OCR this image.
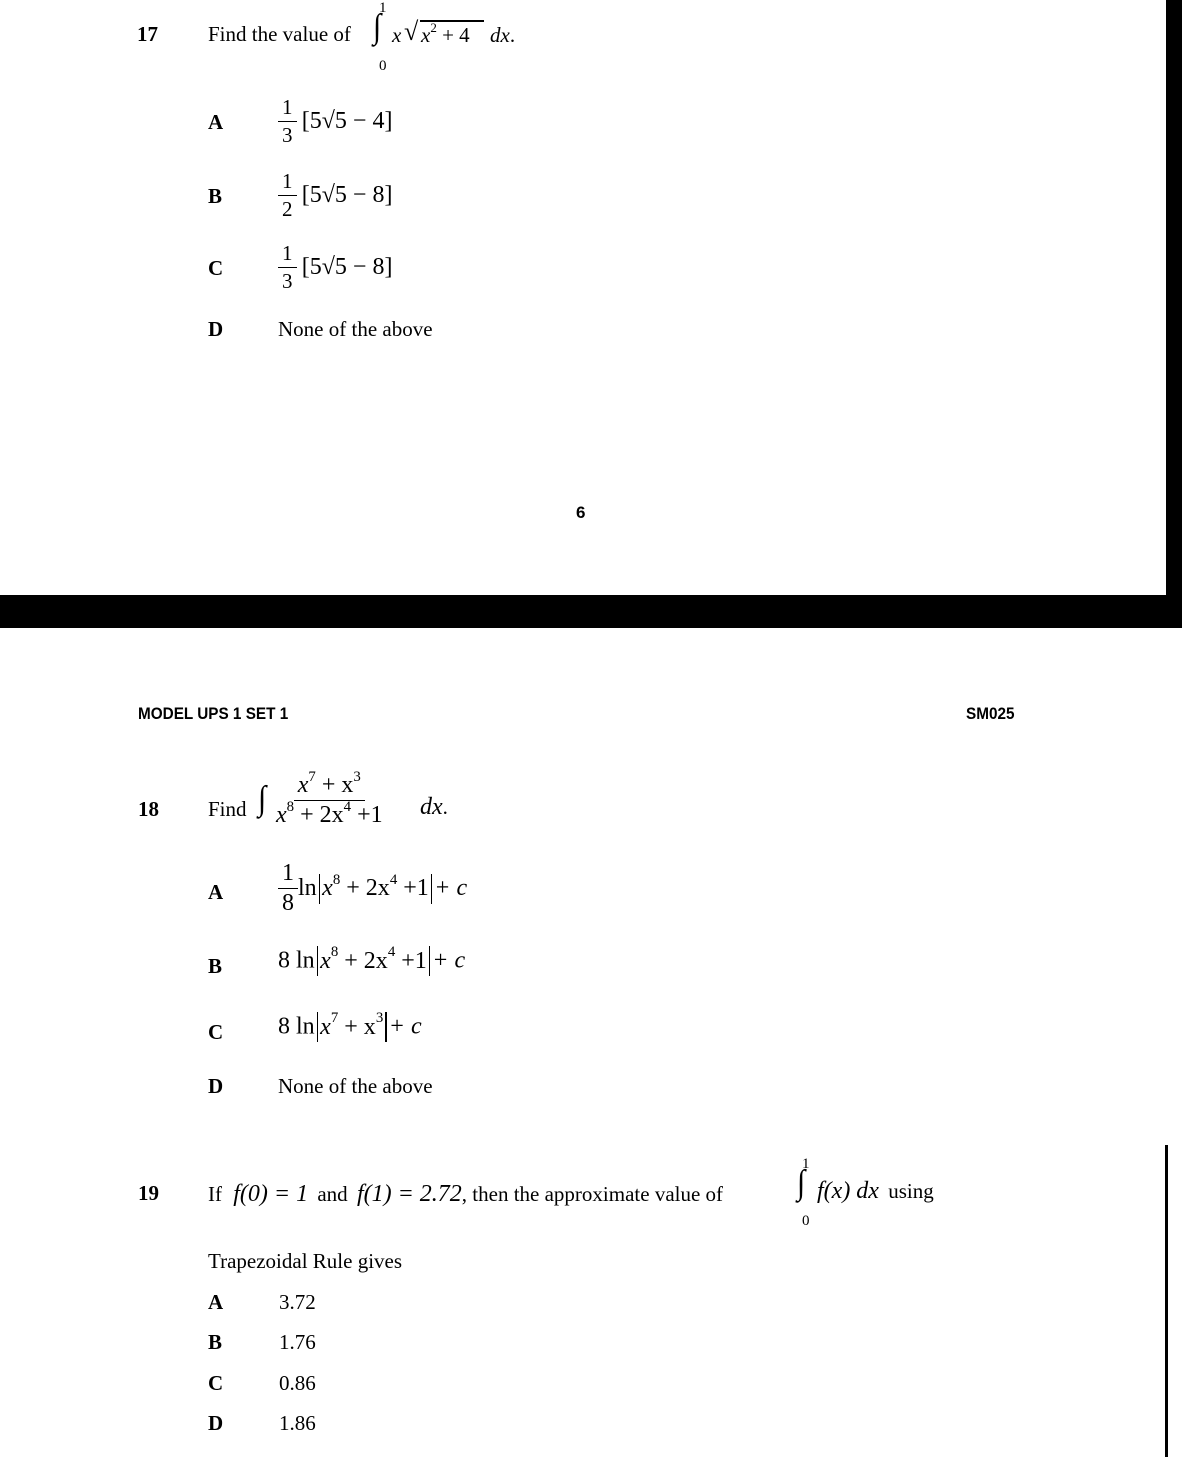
17 Find the value of
1
∫
0
x √ $x^2 + 4$ dx.
A	$\frac{1}{3} [5√5 - 4]$
B	$\frac{1}{2} [5√5 - 8]$
C	$\frac{1}{3} [5√5 - 8]$
D	None of the above
6
MODEL UPS 1 SET 1	SM025
18 Find ∫ $\frac{x^7 + x^3}{x^8 + 2x^4 +1}$ dx.
A $\frac{1}{8}$ $\ln x^8 + 2x^4 +1 + c$
B 8 $\ln x^8 + 2x^4 +1 + c$
C 8 $\ln x^7 + x^3 + c$
D	None of the above
19 If f(0) = 1 and f(1) = 2.72, then the approximate value of
1
∫
0
f(x) dx using
Trapezoidal Rule gives
A	3.72
B	1.76
C	0.86
D	1.86
